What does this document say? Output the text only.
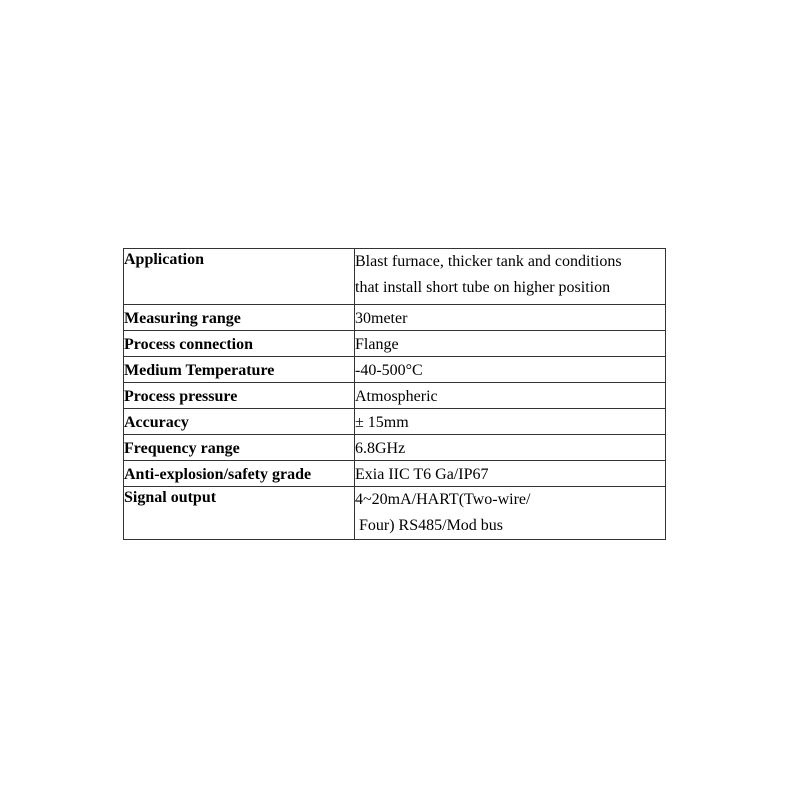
Application	Blast furnace, thicker tank and conditions
that install short tube on higher position

Measuring range	30meter
Process connection	Flange
Medium Temperature	-40-500°C
Process pressure	Atmospheric
Accuracy	± 15mm
Frequency range	6.8GHz
Anti-explosion/safety grade	Exia IIC T6 Ga/IP67
Signal output	4~20mA/HART(Two-wire/
Four) RS485/Mod bus
